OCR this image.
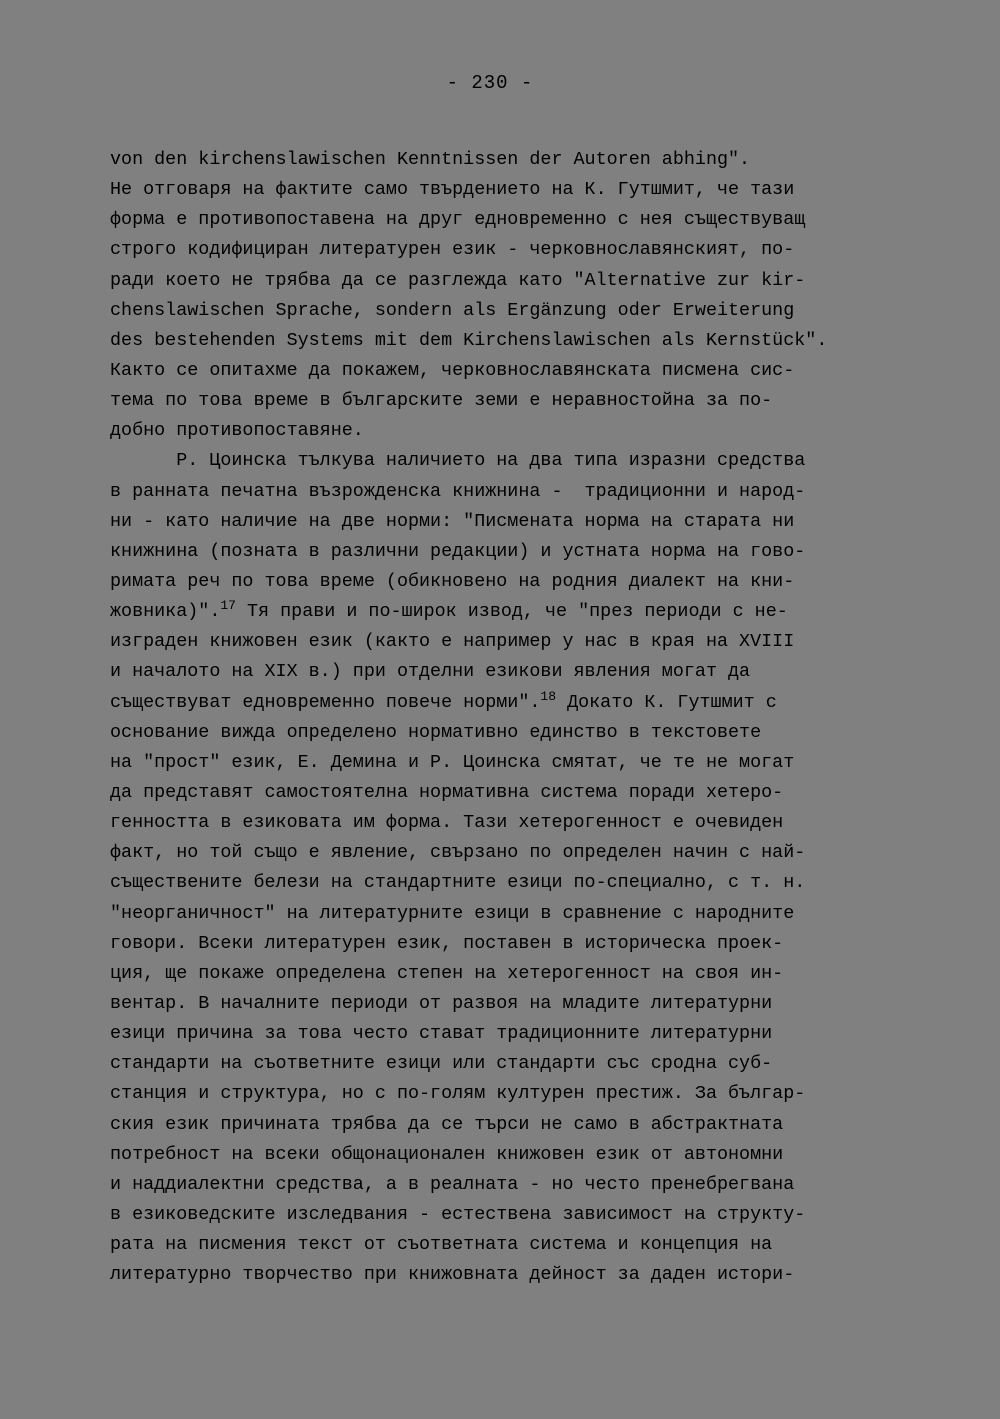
- 230 -
von den kirchenslawischen Kenntnissen der Autoren abhing".
Не отговаря на фактите само твърдението на К. Гутшмит, че тази
форма е противопоставена на друг едновременно с нея съществуващ
строго кодифициран литературен език - черковнославянският, по-
ради което не трябва да се разглежда като "Alternative zur kir-
chenslawischen Sprache, sondern als Ergänzung oder Erweiterung
des bestehenden Systems mit dem Kirchenslawischen als Kernstück".
Както се опитахме да покажем, черковнославянската писмена сис-
тема по това време в българските земи е неравностойна за по-
добно противопоставяне.
Р. Цоинска тълкува наличието на два типа изразни средства
в ранната печатна възрожденска книжнина -  традиционни и народ-
ни - като наличие на две норми: "Писмената норма на старата ни
книжнина (позната в различни редакции) и устната норма на гово-
римата реч по това време (обикновено на родния диалект на кни-
жовника)".$^{17}$ Тя прави и по-широк извод, че "през периоди с не-
изграден книжовен език (както е например у нас в края на XVIII
и началото на XIX в.) при отделни езикови явления могат да
съществуват едновременно повече норми".$^{18}$ Докато К. Гутшмит с
основание вижда определено нормативно единство в текстовете
на "прост" език, Е. Демина и Р. Цоинска смятат, че те не могат
да представят самостоятелна нормативна система поради хетеро-
генността в езиковата им форма. Тази хетерогенност е очевиден
факт, но той също е явление, свързано по определен начин с най-
съществените белези на стандартните езици по-специално, с т. н.
"неорганичност" на литературните езици в сравнение с народните
говори. Всеки литературен език, поставен в историческа проек-
ция, ще покаже определена степен на хетерогенност на своя ин-
вентар. В началните периоди от развоя на младите литературни
езици причина за това често стават традиционните литературни
стандарти на съответните езици или стандарти със сродна суб-
станция и структура, но с по-голям културен престиж. За българ-
ския език причината трябва да се търси не само в абстрактната
потребност на всеки общонационален книжовен език от автономни
и наддиалектни средства, а в реалната - но често пренебрегвана
в езиковедските изследвания - естествена зависимост на структу-
рата на писмения текст от съответната система и концепция на
литературно творчество при книжовната дейност за даден истори-
